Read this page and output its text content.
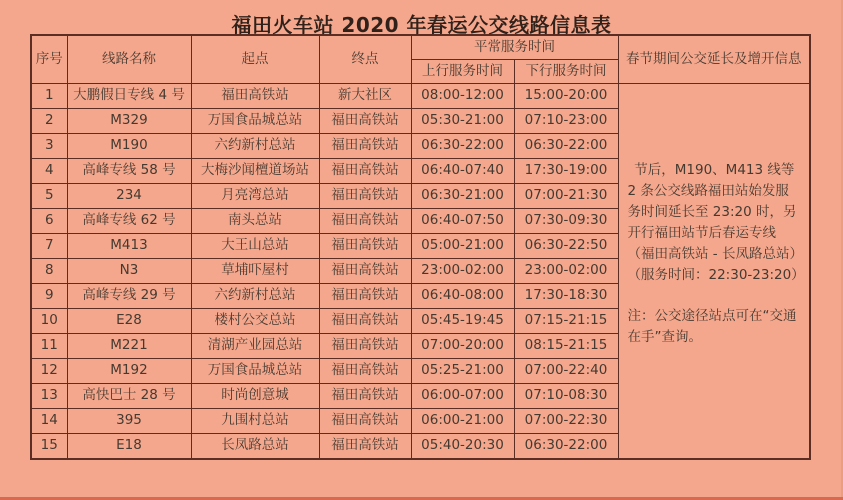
福田火车站 2020 年春运公交线路信息表
序号	线路名称	起点	终点	平常服务时间		春节期间公交延长及增开信息
				上行服务时间	下行服务时间	
1	大鹏假日专线 4 号	福田高铁站	新大社区	08:00-12:00	15:00-20:00	节后，M190、M413 线等 2 条公交线路福田站始发服务时间延长至 23:20 时，另开行福田站节后春运专线（福田高铁站 - 长凤路总站）（服务时间：22:30-23:20）
注：公交途径站点可在“交通在手”查询。

2	M329	万国食品城总站	福田高铁站	05:30-21:00	07:10-23:00	
3	M190	六约新村总站	福田高铁站	06:30-22:00	06:30-22:00	
4	高峰专线 58 号	大梅沙闻檀道场站	福田高铁站	06:40-07:40	17:30-19:00	
5	234	月亮湾总站	福田高铁站	06:30-21:00	07:00-21:30	
6	高峰专线 62 号	南头总站	福田高铁站	06:40-07:50	07:30-09:30	
7	M413	大王山总站	福田高铁站	05:00-21:00	06:30-22:50	
8	N3	草埔吓屋村	福田高铁站	23:00-02:00	23:00-02:00	
9	高峰专线 29 号	六约新村总站	福田高铁站	06:40-08:00	17:30-18:30	
10	E28	楼村公交总站	福田高铁站	05:45-19:45	07:15-21:15	
11	M221	清湖产业园总站	福田高铁站	07:00-20:00	08:15-21:15	
12	M192	万国食品城总站	福田高铁站	05:25-21:00	07:00-22:40	
13	高快巴士 28 号	时尚创意城	福田高铁站	06:00-07:00	07:10-08:30	
14	395	九围村总站	福田高铁站	06:00-21:00	07:00-22:30	
15	E18	长凤路总站	福田高铁站	05:40-20:30	06:30-22:00	
